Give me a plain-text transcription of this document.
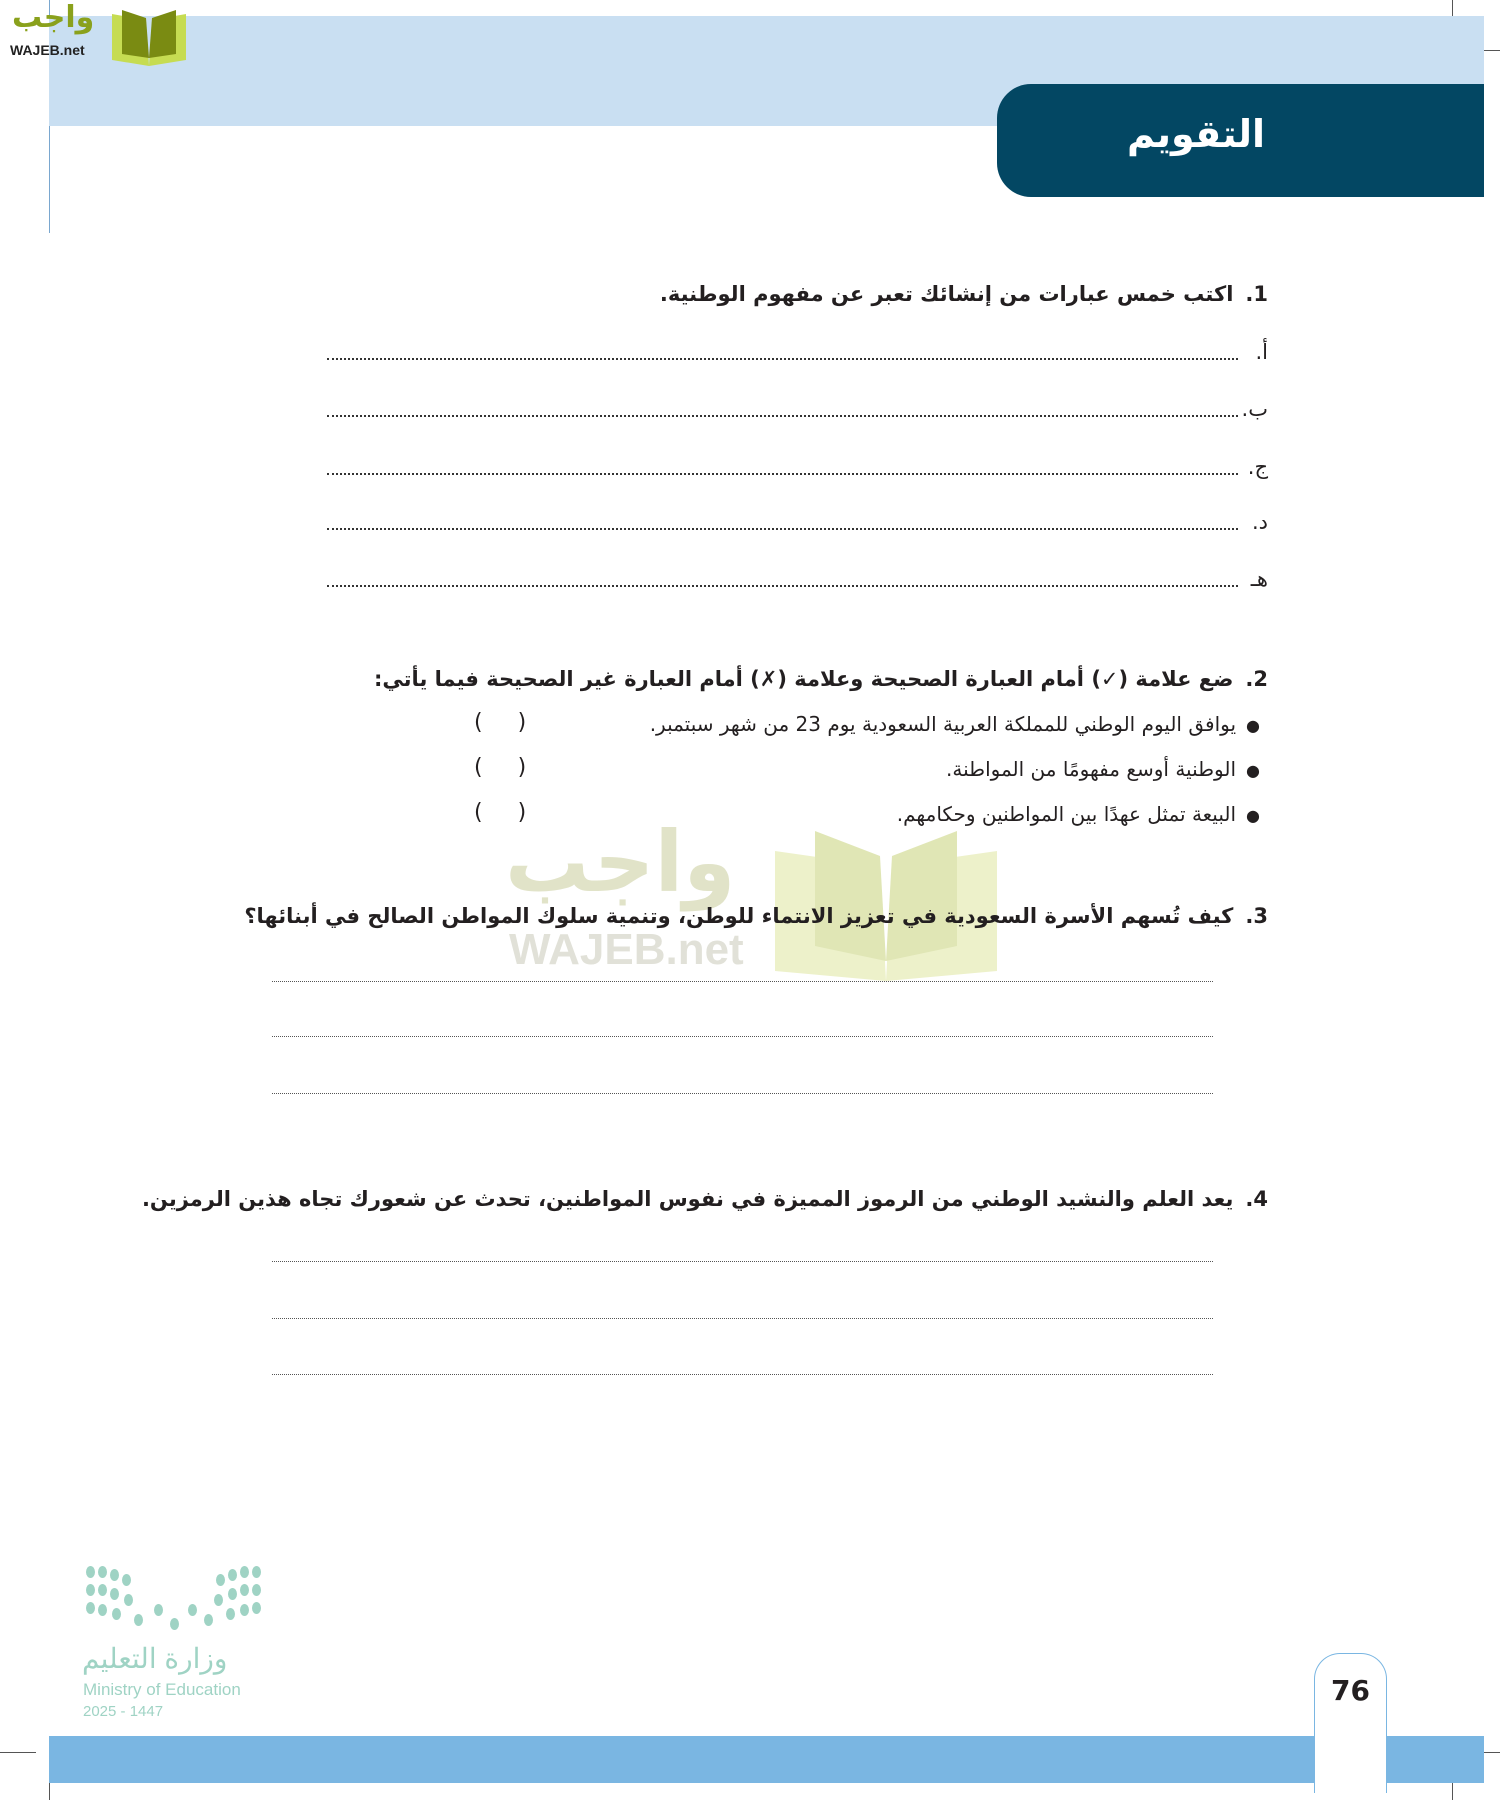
واجب
WAJEB.net
التقويم
1.اكتب خمس عبارات من إنشائك تعبر عن مفهوم الوطنية.
أ.
ب.
ج.
د.
هـ
واجب
WAJEB.net
2.ضع علامة (✓) أمام العبارة الصحيحة وعلامة (✗) أمام العبارة غير الصحيحة فيما يأتي:
●يوافق اليوم الوطني للمملكة العربية السعودية يوم 23 من شهر سبتمبر.
●الوطنية أوسع مفهومًا من المواطنة.
●البيعة تمثل عهدًا بين المواطنين وحكامهم.
( )
( )
( )
3.كيف تُسهم الأسرة السعودية في تعزيز الانتماء للوطن، وتنمية سلوك المواطن الصالح في أبنائها؟
4.يعد العلم والنشيد الوطني من الرموز المميزة في نفوس المواطنين، تحدث عن شعورك تجاه هذين الرمزين.
وزارة التعليم
Ministry of Education
2025 - 1447
76
